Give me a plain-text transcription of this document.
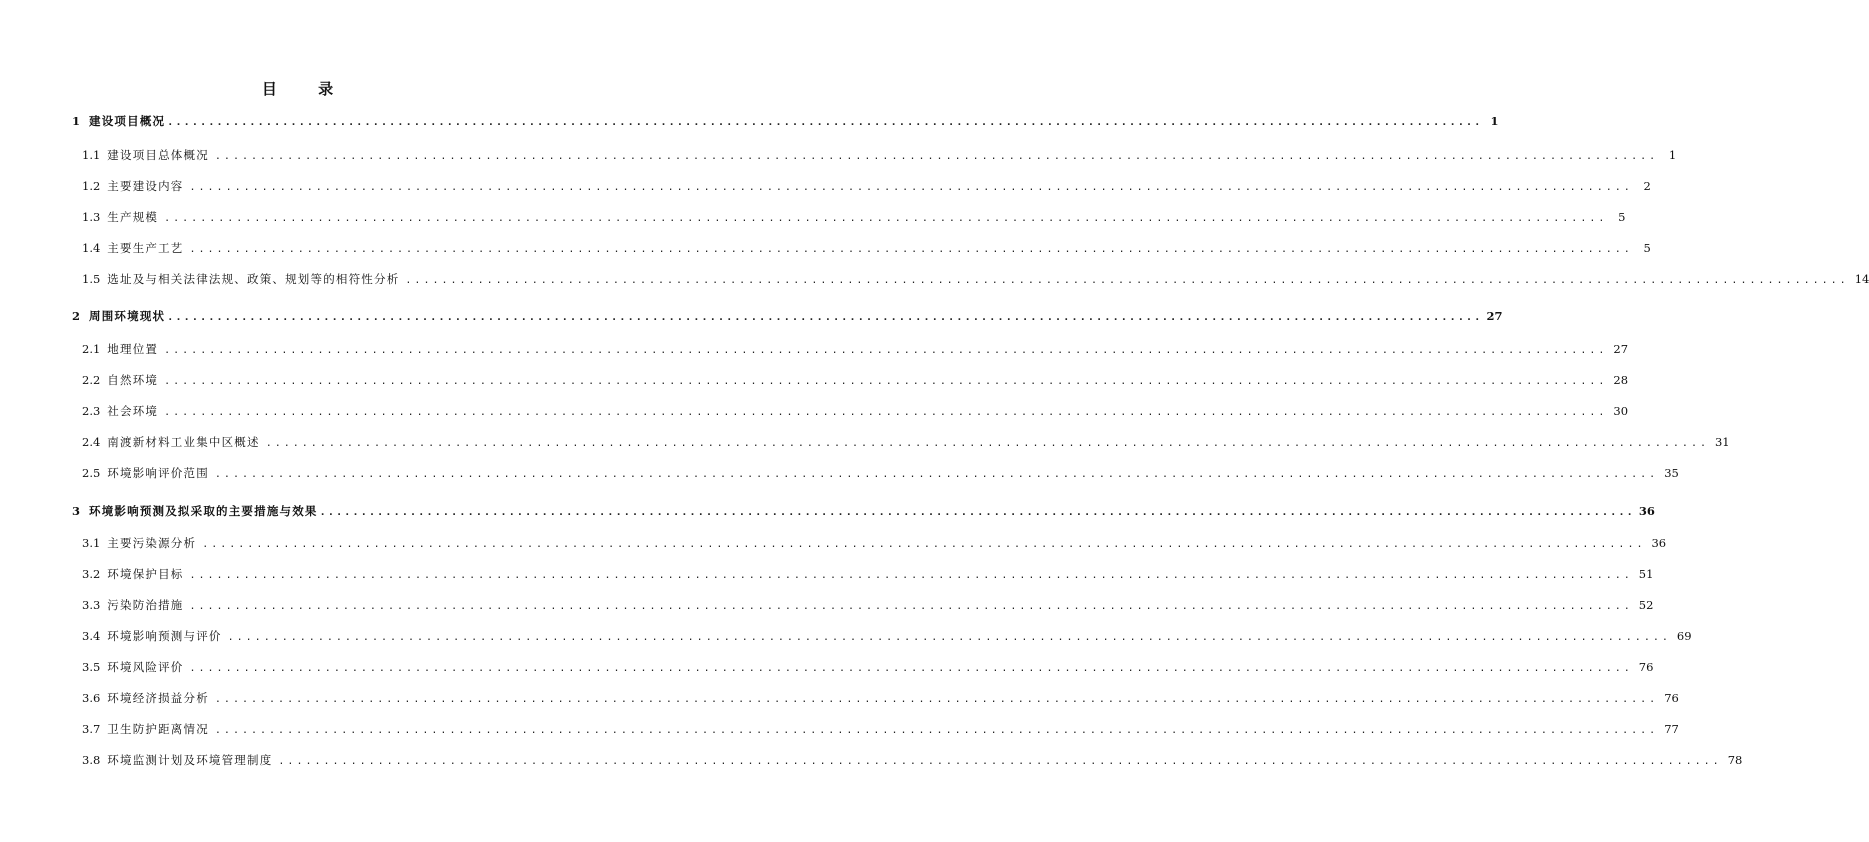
目 录
1 建设项目概况 ................................................................................................................................................................ 1
1.1 建设项目总体概况 ................................................................................................................................................................ 1
1.2 主要建设内容 ................................................................................................................................................................ 2
1.3 生产规模 ................................................................................................................................................................ 5
1.4 主要生产工艺 ................................................................................................................................................................ 5
1.5 选址及与相关法律法规、政策、规划等的相符性分析 ................................................................................................................................................................ 14
2 周围环境现状 ................................................................................................................................................................ 27
2.1 地理位置 ................................................................................................................................................................ 27
2.2 自然环境 ................................................................................................................................................................ 28
2.3 社会环境 ................................................................................................................................................................ 30
2.4 南渡新材料工业集中区概述 ................................................................................................................................................................ 31
2.5 环境影响评价范围 ................................................................................................................................................................ 35
3 环境影响预测及拟采取的主要措施与效果 ................................................................................................................................................................ 36
3.1 主要污染源分析 ................................................................................................................................................................ 36
3.2 环境保护目标 ................................................................................................................................................................ 51
3.3 污染防治措施 ................................................................................................................................................................ 52
3.4 环境影响预测与评价 ................................................................................................................................................................ 69
3.5 环境风险评价 ................................................................................................................................................................ 76
3.6 环境经济损益分析 ................................................................................................................................................................ 76
3.7 卫生防护距离情况 ................................................................................................................................................................ 77
3.8 环境监测计划及环境管理制度 ................................................................................................................................................................ 78
